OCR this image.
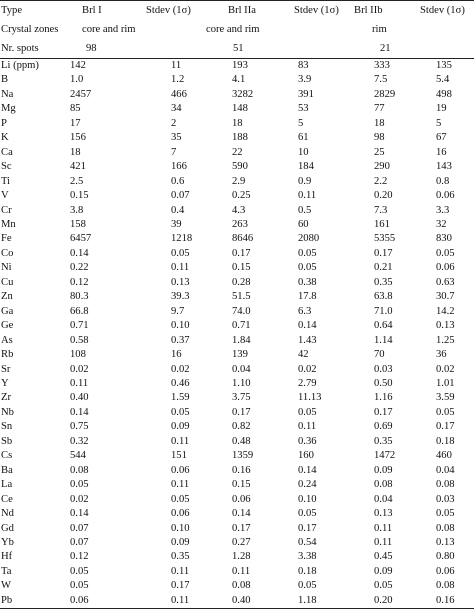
Type	Brl I	Stdev (1σ)	Brl IIa	Stdev (1σ)	Brl IIb	Stdev (1σ)
Crystal zones	core and rim		core and rim		rim	
Nr. spots	98		51		21	
Li (ppm)	142	11	193	83	333	135
B	1.0	1.2	4.1	3.9	7.5	5.4
Na	2457	466	3282	391	2829	498
Mg	85	34	148	53	77	19
P	17	2	18	5	18	5
K	156	35	188	61	98	67
Ca	18	7	22	10	25	16
Sc	421	166	590	184	290	143
Ti	2.5	0.6	2.9	0.9	2.2	0.8
V	0.15	0.07	0.25	0.11	0.20	0.06
Cr	3.8	0.4	4.3	0.5	7.3	3.3
Mn	158	39	263	60	161	32
Fe	6457	1218	8646	2080	5355	830
Co	0.14	0.05	0.17	0.05	0.17	0.05
Ni	0.22	0.11	0.15	0.05	0.21	0.06
Cu	0.12	0.13	0.28	0.38	0.35	0.63
Zn	80.3	39.3	51.5	17.8	63.8	30.7
Ga	66.8	9.7	74.0	6.3	71.0	14.2
Ge	0.71	0.10	0.71	0.14	0.64	0.13
As	0.58	0.37	1.84	1.43	1.14	1.25
Rb	108	16	139	42	70	36
Sr	0.02	0.02	0.04	0.02	0.03	0.02
Y	0.11	0.46	1.10	2.79	0.50	1.01
Zr	0.40	1.59	3.75	11.13	1.16	3.59
Nb	0.14	0.05	0.17	0.05	0.17	0.05
Sn	0.75	0.09	0.82	0.11	0.69	0.17
Sb	0.32	0.11	0.48	0.36	0.35	0.18
Cs	544	151	1359	160	1472	460
Ba	0.08	0.06	0.16	0.14	0.09	0.04
La	0.05	0.11	0.15	0.24	0.08	0.08
Ce	0.02	0.05	0.06	0.10	0.04	0.03
Nd	0.14	0.06	0.14	0.05	0.13	0.05
Gd	0.07	0.10	0.17	0.17	0.11	0.08
Yb	0.07	0.09	0.27	0.54	0.11	0.13
Hf	0.12	0.35	1.28	3.38	0.45	0.80
Ta	0.05	0.11	0.11	0.18	0.09	0.06
W	0.05	0.17	0.08	0.05	0.05	0.08
Pb	0.06	0.11	0.40	1.18	0.20	0.16
